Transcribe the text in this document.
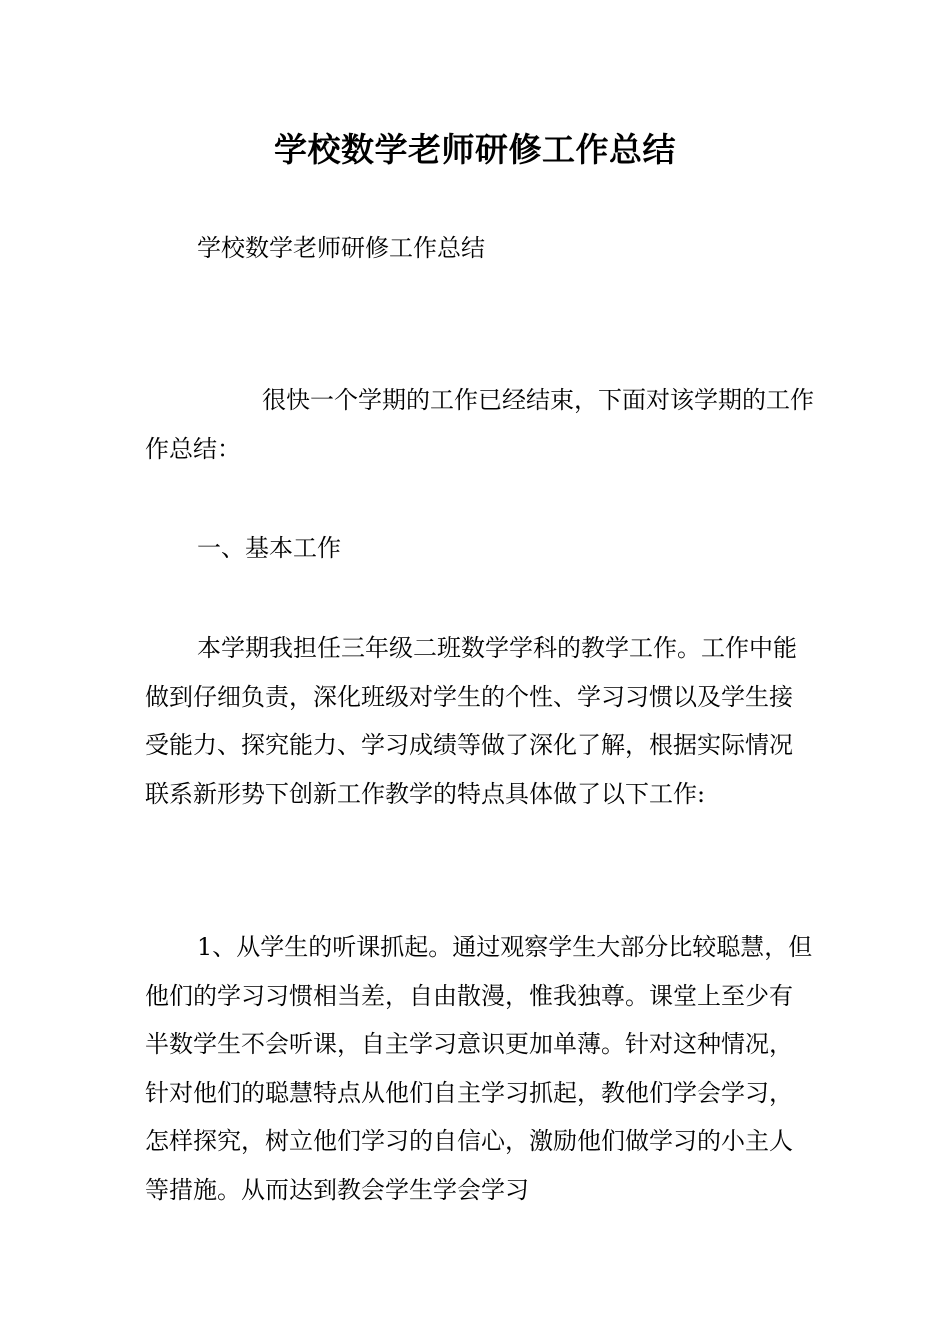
学校数学老师研修工作总结

学校数学老师研修工作总结

很快一个学期的工作已经结束，下面对该学期的工作作总结：

一、基本工作

本学期我担任三年级二班数学学科的教学工作。工作中能做到仔细负责，深化班级对学生的个性、学习习惯以及学生接受能力、探究能力、学习成绩等做了深化了解，根据实际情况联系新形势下创新工作教学的特点具体做了以下工作:

1、从学生的听课抓起。通过观察学生大部分比较聪慧，但他们的学习习惯相当差，自由散漫，惟我独尊。课堂上至少有半数学生不会听课，自主学习意识更加单薄。针对这种情况，针对他们的聪慧特点从他们自主学习抓起，教他们学会学习，怎样探究，树立他们学习的自信心，激励他们做学习的小主人等措施。从而达到教会学生学会学习
